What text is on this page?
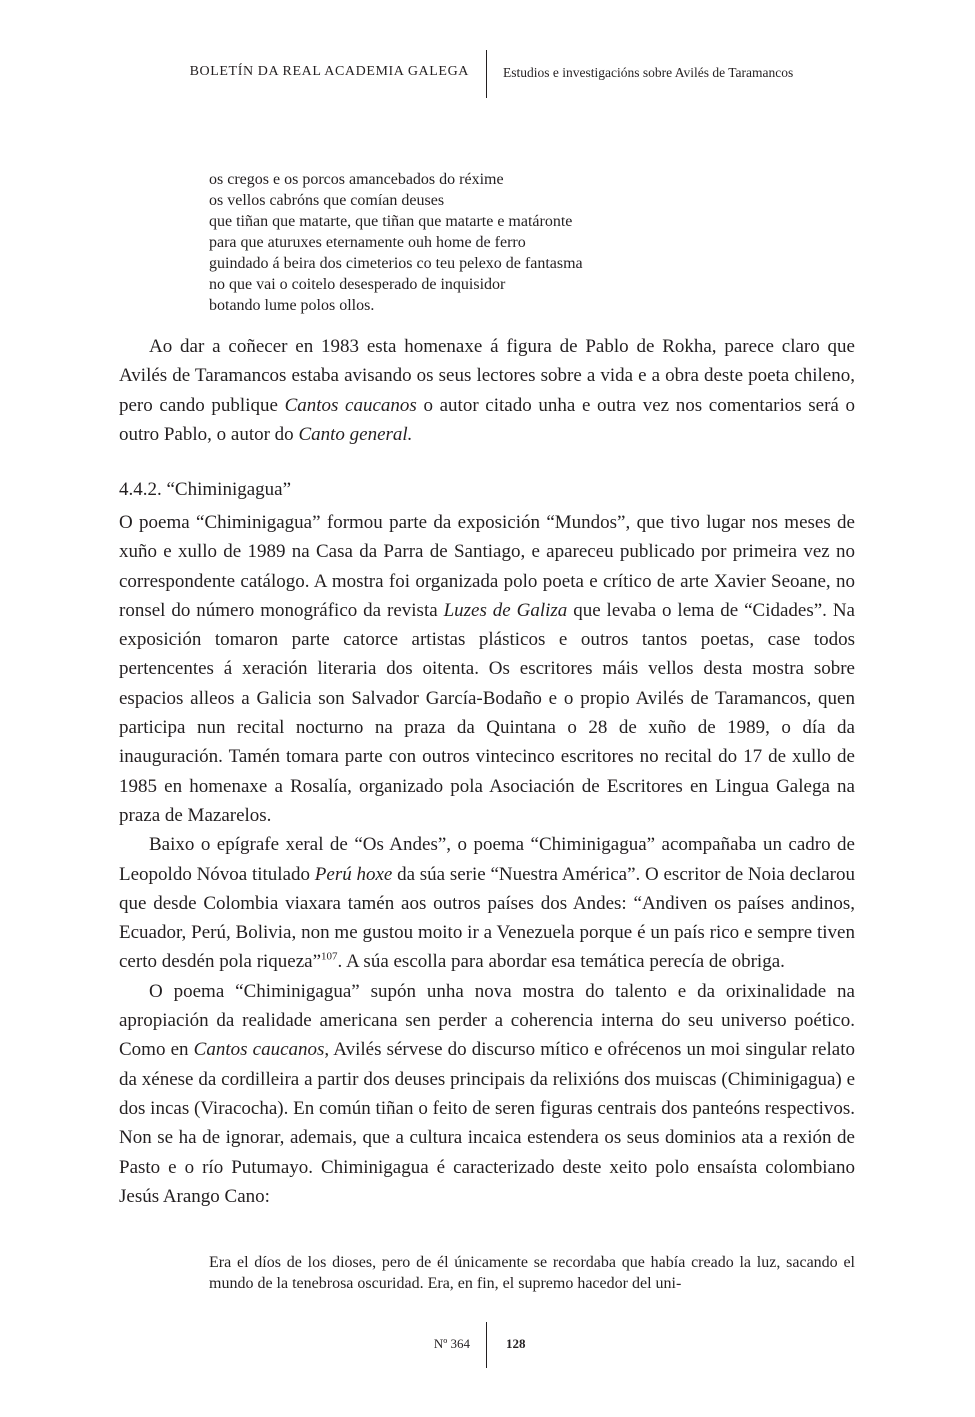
BOLETÍN DA REAL ACADEMIA GALEGA	Estudios e investigacións sobre Avilés de Taramancos
os cregos e os porcos amancebados do réxime
os vellos cabróns que comían deuses
que tiñan que matarte, que tiñan que matarte e matáronte
para que aturuxes eternamente ouh home de ferro
guindado á beira dos cimeterios co teu pelexo de fantasma
no que vai o coitelo desesperado de inquisidor
botando lume polos ollos.

Ao dar a coñecer en 1983 esta homenaxe á figura de Pablo de Rokha, parece claro que Avilés de Taramancos estaba avisando os seus lectores sobre a vida e a obra deste poeta chileno, pero cando publique Cantos caucanos o autor citado unha e outra vez nos comentarios será o outro Pablo, o autor do Canto general.

4.4.2. “Chiminigagua”

O poema “Chiminigagua” formou parte da exposición “Mundos”, que tivo lugar nos meses de xuño e xullo de 1989 na Casa da Parra de Santiago, e apareceu publicado por primeira vez no correspondente catálogo. A mostra foi organizada polo poeta e crítico de arte Xavier Seoane, no ronsel do número monográfico da revista Luzes de Galiza que levaba o lema de “Cidades”. Na exposición tomaron parte catorce artistas plásticos e outros tantos poetas, case todos pertencentes á xeración literaria dos oitenta. Os escritores máis vellos desta mostra sobre espacios alleos a Galicia son Salvador García-Bodaño e o propio Avilés de Taramancos, quen participa nun recital nocturno na praza da Quintana o 28 de xuño de 1989, o día da inauguración. Tamén tomara parte con outros vintecinco escritores no recital do 17 de xullo de 1985 en homenaxe a Rosalía, organizado pola Asociación de Escritores en Lingua Galega na praza de Mazarelos.

Baixo o epígrafe xeral de “Os Andes”, o poema “Chiminigagua” acompañaba un cadro de Leopoldo Nóvoa titulado Perú hoxe da súa serie “Nuestra América”. O escritor de Noia declarou que desde Colombia viaxara tamén aos outros países dos Andes: “Andiven os países andinos, Ecuador, Perú, Bolivia, non me gustou moito ir a Venezuela porque é un país rico e sempre tiven certo desdén pola riqueza”$^{107}$. A súa escolla para abordar esa temática perecía de obriga.

O poema “Chiminigagua” supón unha nova mostra do talento e da orixinalidade na apropiación da realidade americana sen perder a coherencia interna do seu universo poético. Como en Cantos caucanos, Avilés sérvese do discurso mítico e ofrécenos un moi singular relato da xénese da cordilleira a partir dos deuses principais da relixións dos muiscas (Chiminigagua) e dos incas (Viracocha). En común tiñan o feito de seren figuras centrais dos panteóns respectivos. Non se ha de ignorar, ademais, que a cultura incaica estendera os seus dominios ata a rexión de Pasto e o río Putumayo. Chiminigagua é caracterizado deste xeito polo ensaísta colombiano Jesús Arango Cano:

Era el díos de los dioses, pero de él únicamente se recordaba que había creado la luz, sacando el mundo de la tenebrosa oscuridad. Era, en fin, el supremo hacedor del uni-

Nº 364	128
